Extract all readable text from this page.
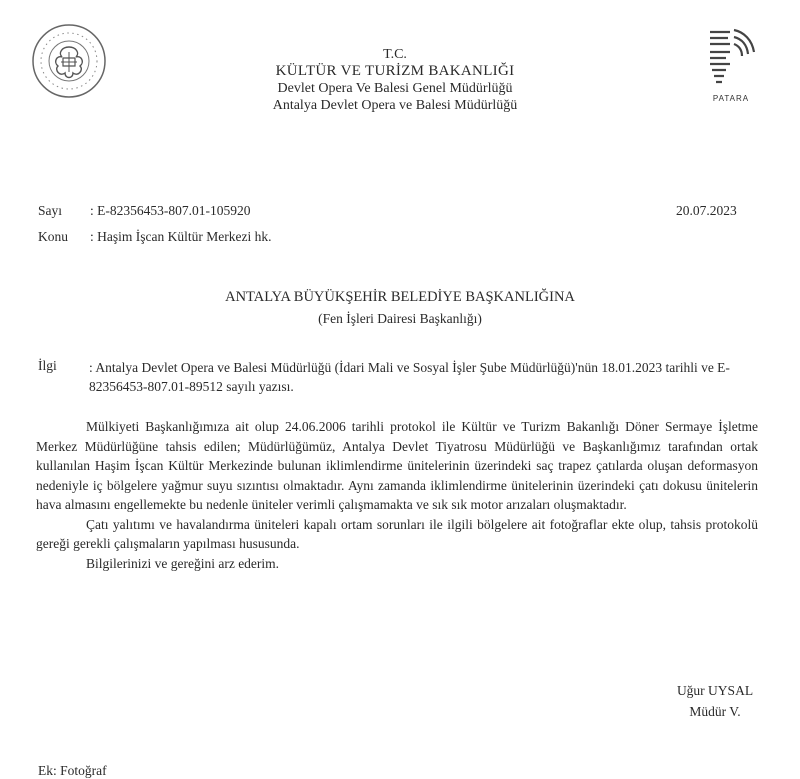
T.C.
KÜLTÜR VE TURİZM BAKANLIĞI
Devlet Opera Ve Balesi Genel Müdürlüğü
Antalya Devlet Opera ve Balesi Müdürlüğü	PATARA
Sayı : E-82356453-807.01-105920	20.07.2023
Konu : Haşim İşcan Kültür Merkezi hk.
ANTALYA BÜYÜKŞEHİR BELEDİYE BAŞKANLIĞINA
(Fen İşleri Dairesi Başkanlığı)
İlgi : Antalya Devlet Opera ve Balesi Müdürlüğü (İdari Mali ve Sosyal İşler Şube Müdürlüğü)'nün 18.01.2023 tarihli ve E-82356453-807.01-89512 sayılı yazısı.

Mülkiyeti Başkanlığımıza ait olup 24.06.2006 tarihli protokol ile Kültür ve Turizm Bakanlığı Döner Sermaye İşletme Merkez Müdürlüğüne tahsis edilen; Müdürlüğümüz, Antalya Devlet Tiyatrosu Müdürlüğü ve Başkanlığımız tarafından ortak kullanılan Haşim İşcan Kültür Merkezinde bulunan iklimlendirme ünitelerinin üzerindeki saç trapez çatılarda oluşan deformasyon nedeniyle iç bölgelere yağmur suyu sızıntısı olmaktadır. Aynı zamanda iklimlendirme ünitelerinin üzerindeki çatı dokusu ünitelerin hava almasını engellemekte bu nedenle üniteler verimli çalışmamakta ve sık sık motor arızaları oluşmaktadır.

Çatı yalıtımı ve havalandırma üniteleri kapalı ortam sorunları ile ilgili bölgelere ait fotoğraflar ekte olup, tahsis protokolü gereği gerekli çalışmaların yapılması hususunda.

Bilgilerinizi ve gereğini arz ederim.

Uğur UYSAL
Müdür V.
Ek: Fotoğraf
